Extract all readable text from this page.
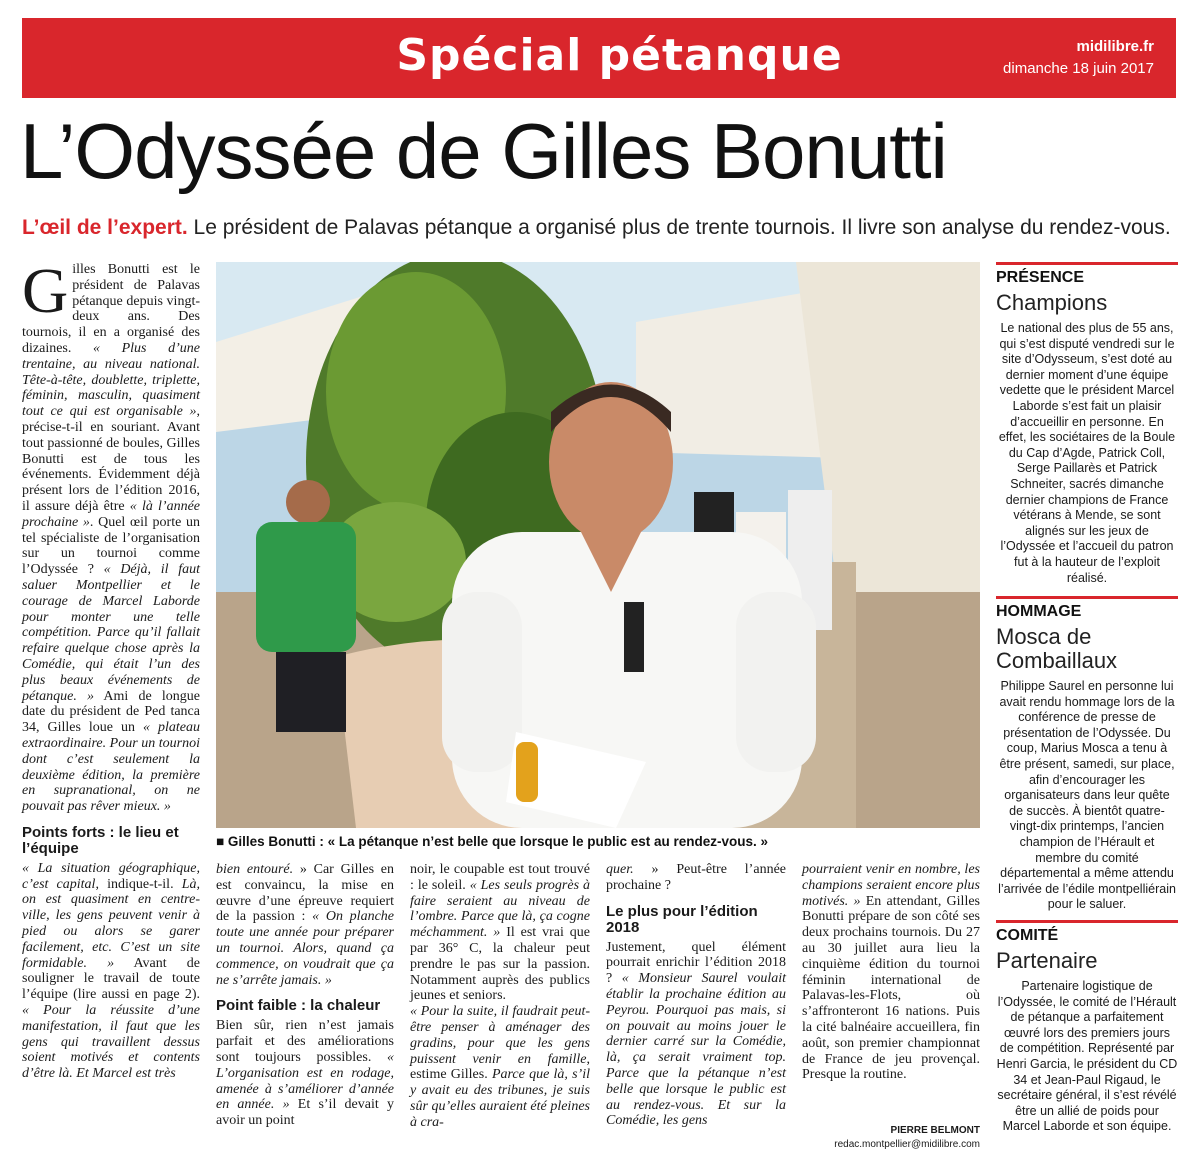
Spécial pétanque	midilibre.fr
dimanche 18 juin 2017
L’Odyssée de Gilles Bonutti
L’œil de l’expert. Le président de Palavas pétanque a organisé plus de trente tournois. Il livre son analyse du rendez-vous.

Gilles Bonutti est le président de Palavas pétanque depuis vingt-deux ans. Des tournois, il en a organisé des dizaines. « Plus d’une trentaine, au niveau national. Tête-à-tête, doublette, triplette, féminin, masculin, quasiment tout ce qui est organisable », précise-t-il en souriant. Avant tout passionné de boules, Gilles Bonutti est de tous les événements. Évidemment déjà présent lors de l’édition 2016, il assure déjà être « là l’année prochaine ». Quel œil porte un tel spécialiste de l’organisation sur un tournoi comme l’Odyssée ? « Déjà, il faut saluer Montpellier et le courage de Marcel Laborde pour monter une telle compétition. Parce qu’il fallait refaire quelque chose après la Comédie, qui était l’un des plus beaux événements de pétanque. » Ami de longue date du président de Ped tanca 34, Gilles loue un « plateau extraordinaire. Pour un tournoi dont c’est seulement la deuxième édition, la première en supranational, on ne pouvait pas rêver mieux. »

Points forts : le lieu et l’équipe

« La situation géographique, c’est capital, indique-t-il. Là, on est quasiment en centre-ville, les gens peuvent venir à pied ou alors se garer facilement, etc. C’est un site formidable. » Avant de souligner le travail de toute l’équipe (lire aussi en page 2). « Pour la réussite d’une manifestation, il faut que les gens qui travaillent dessus soient motivés et contents d’être là. Et Marcel est très

■ Gilles Bonutti : « La pétanque n’est belle que lorsque le public est au rendez-vous. »

bien entouré. » Car Gilles en est convaincu, la mise en œuvre d’une épreuve requiert de la passion : « On planche toute une année pour préparer un tournoi. Alors, quand ça commence, on voudrait que ça ne s’arrête jamais. »

Point faible : la chaleur

Bien sûr, rien n’est jamais parfait et des améliorations sont toujours possibles. « L’organisation est en rodage, amenée à s’améliorer d’année en année. » Et s’il devait y avoir un point

noir, le coupable est tout trouvé : le soleil. « Les seuls progrès à faire seraient au niveau de l’ombre. Parce que là, ça cogne méchamment. » Il est vrai que par 36° C, la chaleur peut prendre le pas sur la passion. Notamment auprès des publics jeunes et seniors.

« Pour la suite, il faudrait peut-être penser à aménager des gradins, pour que les gens puissent venir en famille, estime Gilles. Parce que là, s’il y avait eu des tribunes, je suis sûr qu’elles auraient été pleines à cra-

quer. » Peut-être l’année prochaine ?

Le plus pour l’édition 2018

Justement, quel élément pourrait enrichir l’édition 2018 ? « Monsieur Saurel voulait établir la prochaine édition au Peyrou. Pourquoi pas mais, si on pouvait au moins jouer le dernier carré sur la Comédie, là, ça serait vraiment top. Parce que la pétanque n’est belle que lorsque le public est au rendez-vous. Et sur la Comédie, les gens

pourraient venir en nombre, les champions seraient encore plus motivés. » En attendant, Gilles Bonutti prépare de son côté ses deux prochains tournois. Du 27 au 30 juillet aura lieu la cinquième édition du tournoi féminin international de Palavas-les-Flots, où s’affronteront 16 nations. Puis la cité balnéaire accueillera, fin août, son premier championnat de France de jeu provençal. Presque la routine.

PIERRE BELMONT
redac.montpellier@midilibre.com
PRÉSENCE
Champions
Le national des plus de 55 ans, qui s’est disputé vendredi sur le site d’Odysseum, s’est doté au dernier moment d’une équipe vedette que le président Marcel Laborde s’est fait un plaisir d’accueillir en personne. En effet, les sociétaires de la Boule du Cap d’Agde, Patrick Coll, Serge Paillarès et Patrick Schneiter, sacrés dimanche dernier champions de France vétérans à Mende, se sont alignés sur les jeux de l’Odyssée et l’accueil du patron fut à la hauteur de l’exploit réalisé.
HOMMAGE
Mosca de Combaillaux
Philippe Saurel en personne lui avait rendu hommage lors de la conférence de presse de présentation de l’Odyssée. Du coup, Marius Mosca a tenu à être présent, samedi, sur place, afin d’encourager les organisateurs dans leur quête de succès. À bientôt quatre-vingt-dix printemps, l’ancien champion de l’Hérault et membre du comité départemental a même attendu l’arrivée de l’édile montpelliérain pour le saluer.
COMITÉ
Partenaire
Partenaire logistique de l’Odyssée, le comité de l’Hérault de pétanque a parfaitement œuvré lors des premiers jours de compétition. Représenté par Henri Garcia, le président du CD 34 et Jean-Paul Rigaud, le secrétaire général, il s’est révélé être un allié de poids pour Marcel Laborde et son équipe.
